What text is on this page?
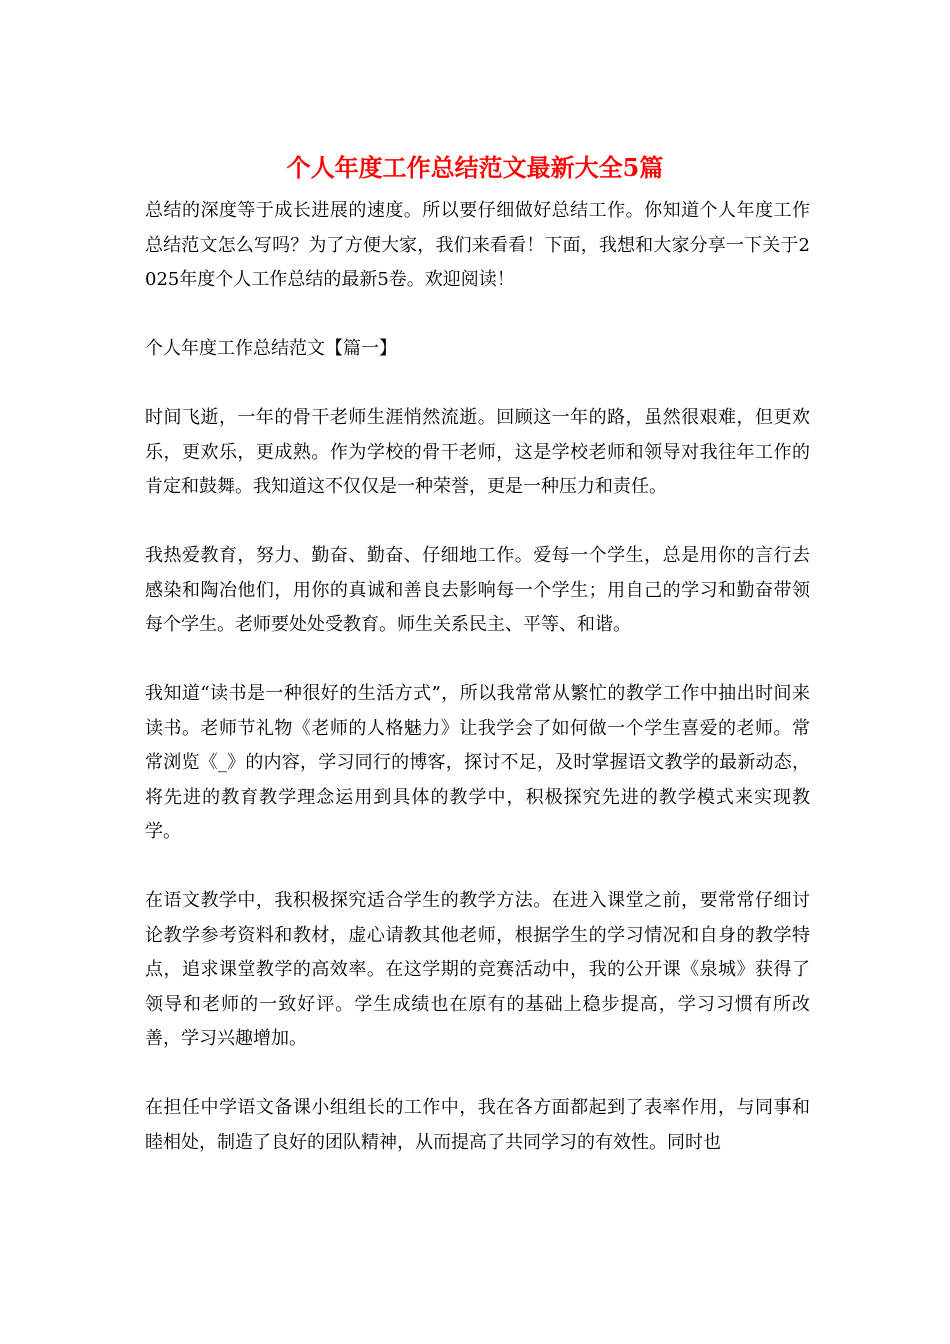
个人年度工作总结范文最新大全5篇

总结的深度等于成长进展的速度。所以要仔细做好总结工作。你知道个人年度工作总结范文怎么写吗？为了方便大家，我们来看看！下面，我想和大家分享一下关于2025年度个人工作总结的最新5卷。欢迎阅读！

个人年度工作总结范文【篇一】

时间飞逝，一年的骨干老师生涯悄然流逝。回顾这一年的路，虽然很艰难，但更欢乐，更欢乐，更成熟。作为学校的骨干老师，这是学校老师和领导对我往年工作的肯定和鼓舞。我知道这不仅仅是一种荣誉，更是一种压力和责任。

我热爱教育，努力、勤奋、勤奋、仔细地工作。爱每一个学生，总是用你的言行去感染和陶冶他们，用你的真诚和善良去影响每一个学生；用自己的学习和勤奋带领每个学生。老师要处处受教育。师生关系民主、平等、和谐。

我知道“读书是一种很好的生活方式”，所以我常常从繁忙的教学工作中抽出时间来读书。老师节礼物《老师的人格魅力》让我学会了如何做一个学生喜爱的老师。常常浏览《_》的内容，学习同行的博客，探讨不足，及时掌握语文教学的最新动态，将先进的教育教学理念运用到具体的教学中，积极探究先进的教学模式来实现教学。

在语文教学中，我积极探究适合学生的教学方法。在进入课堂之前，要常常仔细讨论教学参考资料和教材，虚心请教其他老师，根据学生的学习情况和自身的教学特点，追求课堂教学的高效率。在这学期的竞赛活动中，我的公开课《泉城》获得了领导和老师的一致好评。学生成绩也在原有的基础上稳步提高，学习习惯有所改善，学习兴趣增加。

在担任中学语文备课小组组长的工作中，我在各方面都起到了表率作用，与同事和睦相处，制造了良好的团队精神，从而提高了共同学习的有效性。同时也
